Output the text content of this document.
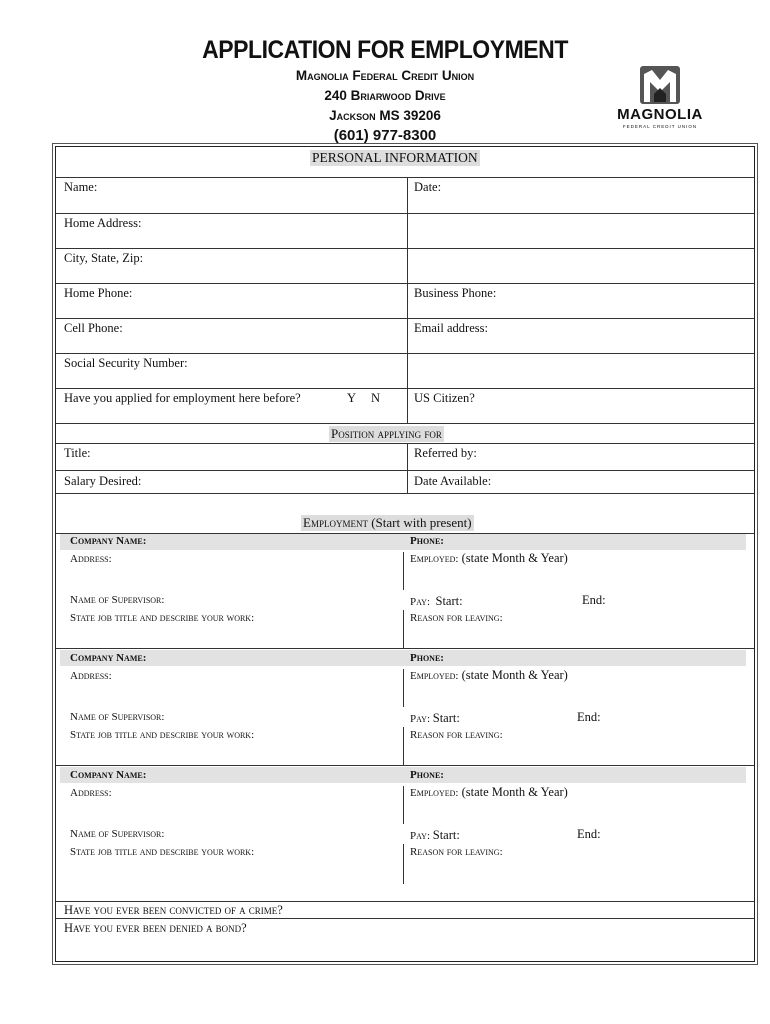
APPLICATION FOR EMPLOYMENT
Magnolia Federal Credit Union
240 Briarwood Drive
Jackson MS 39206
(601) 977-8300
MAGNOLIA
FEDERAL CREDIT UNION
PERSONAL INFORMATION
Name:	Date:
Home Address:
City, State, Zip:
Home Phone:	Business Phone:
Cell Phone:	Email address:
Social Security Number:
Have you applied for employment here before?	Y N	US Citizen?
Position applying for
Title:	Referred by:
Salary Desired:	Date Available:
Employment (Start with present)
Company Name:	Phone:
Address:	Employed: (state Month & Year)
Name of Supervisor:	Pay: Start:	End:
State job title and describe your work:	Reason for leaving:
Company Name:	Phone:
Address:	Employed: (state Month & Year)
Name of Supervisor:	Pay: Start:	End:
State job title and describe your work:	Reason for leaving:
Company Name:	Phone:
Address:	Employed: (state Month & Year)
Name of Supervisor:	Pay: Start:	End:
State job title and describe your work:	Reason for leaving:
Have you ever been convicted of a crime?
Have you ever been denied a bond?
